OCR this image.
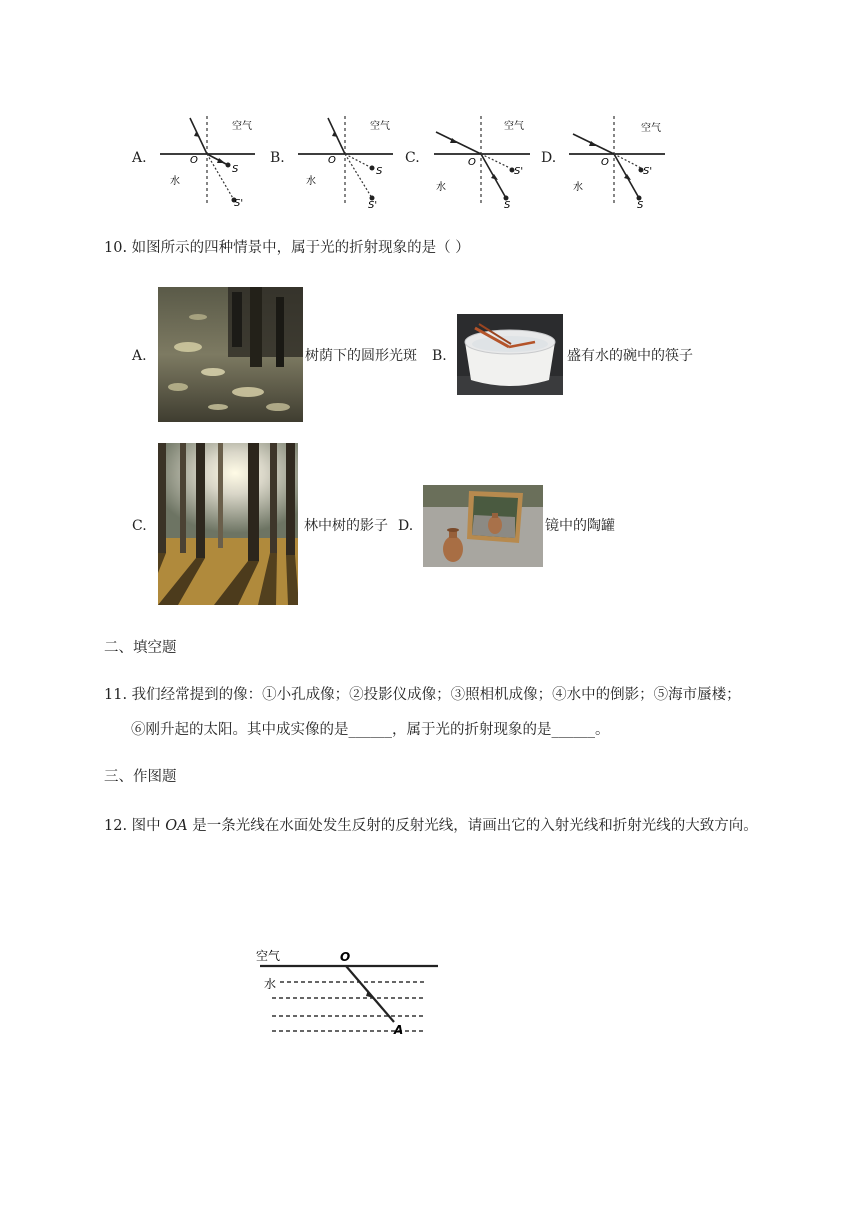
A.
空气
水
O
S
S'
B.
空气
水
O
S
S'
C.
空气
水
O
S'
S
D.
空气
水
O
S'
S
10. 如图所示的四种情景中，属于光的折射现象的是（ ）
A.	树荫下的圆形光斑 B.	盛有水的碗中的筷子
C.	林中树的影子 D.	镜中的陶罐
二、填空题
11. 我们经常提到的像：①小孔成像；②投影仪成像；③照相机成像；④水中的倒影；⑤海市蜃楼；
⑥刚升起的太阳。其中成实像的是______，属于光的折射现象的是______。
三、作图题
12. 图中 OA 是一条光线在水面处发生反射的反射光线，请画出它的入射光线和折射光线的大致方向。
空气	O
水
A
